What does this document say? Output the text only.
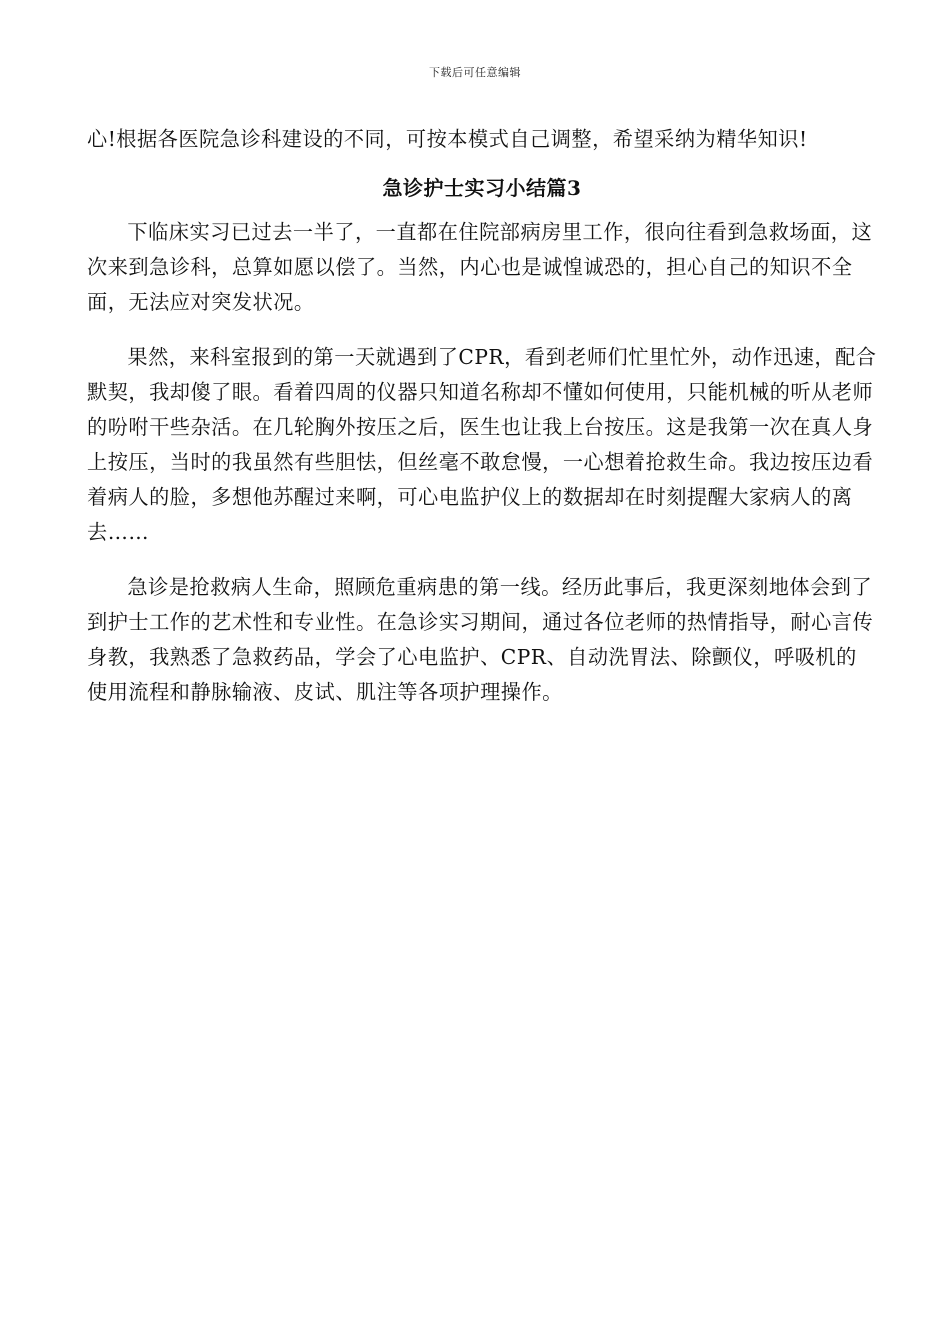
下载后可任意编辑

心!根据各医院急诊科建设的不同，可按本模式自己调整，希望采纳为精华知识!

急诊护士实习小结篇3

下临床实习已过去一半了，一直都在住院部病房里工作，很向往看到急救场面，这次来到急诊科，总算如愿以偿了。当然，内心也是诚惶诚恐的，担心自己的知识不全面，无法应对突发状况。

果然，来科室报到的第一天就遇到了CPR，看到老师们忙里忙外，动作迅速，配合默契，我却傻了眼。看着四周的仪器只知道名称却不懂如何使用，只能机械的听从老师的吩咐干些杂活。在几轮胸外按压之后，医生也让我上台按压。这是我第一次在真人身上按压，当时的我虽然有些胆怯，但丝毫不敢怠慢，一心想着抢救生命。我边按压边看着病人的脸，多想他苏醒过来啊，可心电监护仪上的数据却在时刻提醒大家病人的离去……

急诊是抢救病人生命，照顾危重病患的第一线。经历此事后，我更深刻地体会到了到护士工作的艺术性和专业性。在急诊实习期间，通过各位老师的热情指导，耐心言传身教，我熟悉了急救药品，学会了心电监护、CPR、自动洗胃法、除颤仪，呼吸机的使用流程和静脉输液、皮试、肌注等各项护理操作。
